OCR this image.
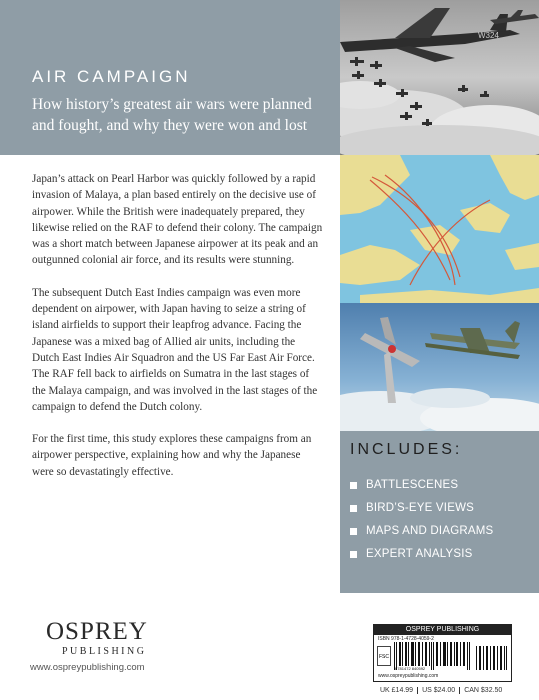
AIR CAMPAIGN
How history’s greatest air wars were planned and fought, and why they were won and lost
W324

Japan’s attack on Pearl Harbor was quickly followed by a rapid invasion of Malaya, a plan based entirely on the decisive use of airpower. While the British were inadequately prepared, they likewise relied on the RAF to defend their colony. The campaign was a short match between Japanese airpower at its peak and an outgunned colonial air force, and its results were stunning.

The subsequent Dutch East Indies campaign was even more dependent on airpower, with Japan having to seize a string of island airfields to support their leapfrog advance. Facing the Japanese was a mixed bag of Allied air units, including the Dutch East Indies Air Squadron and the US Far East Air Force. The RAF fell back to airfields on Sumatra in the last stages of the Malaya campaign, and was involved in the last stages of the campaign to defend the Dutch colony.

For the first time, this study explores these campaigns from an airpower perspective, explaining how and why the Japanese were so devastatingly effective.

INCLUDES:
BATTLESCENES
BIRD’S-EYE VIEWS
MAPS AND DIAGRAMS
EXPERT ANALYSIS
OSPREY
PUBLISHING
www.ospreypublishing.com
OSPREY PUBLISHING
ISBN 978-1-4728-4059-2
FSC
9 781472 840592
www.ospreypublishing.com
UK £14.99	US $24.00	CAN $32.50
